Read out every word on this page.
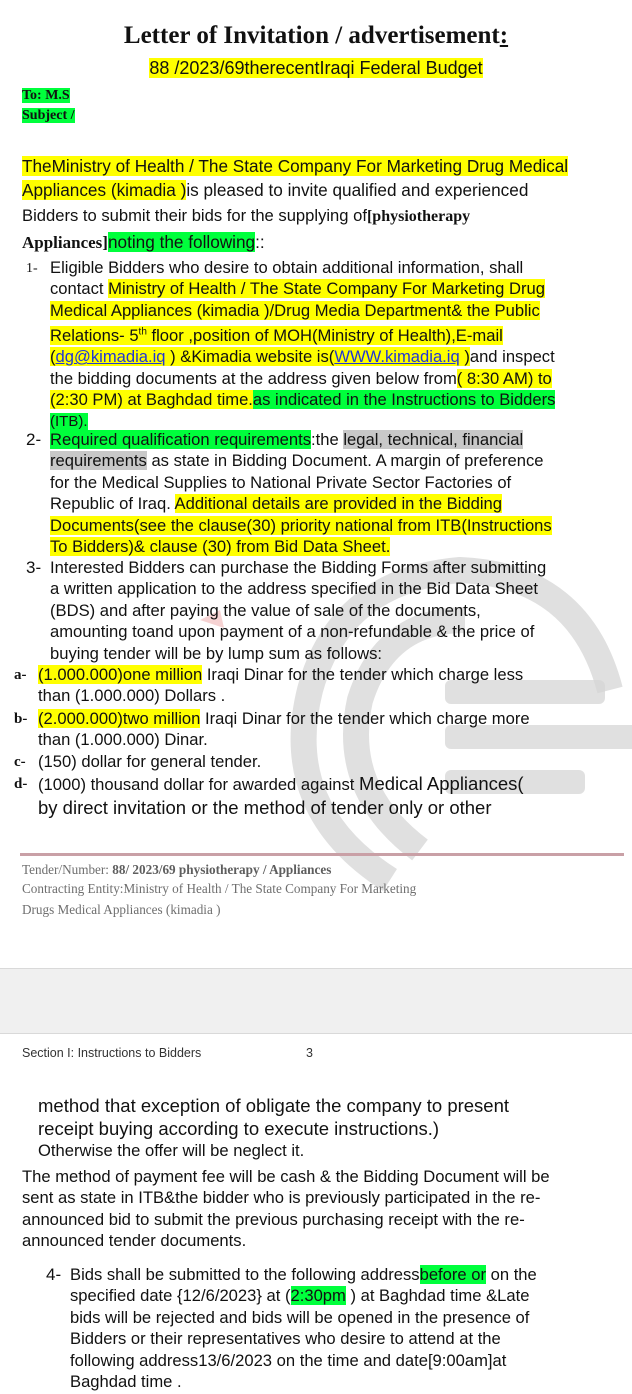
Letter of Invitation / advertisement:
88 /2023/69therecentIraqi Federal Budget
To: M.S
Subject /
TheMinistry of Health / The State Company For Marketing Drug Medical
Appliances (kimadia )is pleased to invite qualified and experienced
Bidders to submit their bids for the supplying of[physiotherapy
Appliances]noting the following::
1- Eligible Bidders who desire to obtain additional information, shall
contact Ministry of Health / The State Company For Marketing Drug
Medical Appliances (kimadia )/Drug Media Department& the Public
Relations- 5th floor ,position of MOH(Ministry of Health),E-mail
(dg@kimadia.iq ) &Kimadia website is(WWW.kimadia.iq )and inspect
the bidding documents at the address given below from( 8:30 AM) to
(2:30 PM) at Baghdad time.as indicated in the Instructions to Bidders
(ITB).
2- Required qualification requirements:the legal, technical, financial
requirements as state in Bidding Document. A margin of preference
for the Medical Supplies to National Private Sector Factories of
Republic of Iraq. Additional details are provided in the Bidding
Documents(see the clause(30) priority national from ITB(Instructions
To Bidders)& clause (30) from Bid Data Sheet.
3- Interested Bidders can purchase the Bidding Forms after submitting
a written application to the address specified in the Bid Data Sheet
(BDS) and after paying the value of sale of the documents,
amounting toand upon payment of a non-refundable & the price of
buying tender will be by lump sum as follows:
a- (1.000.000)one million Iraqi Dinar for the tender which charge less
than (1.000.000) Dollars .
b- (2.000.000)two million Iraqi Dinar for the tender which charge more
than (1.000.000) Dinar.
c- (150) dollar for general tender.
d- (1000) thousand dollar for awarded against Medical Appliances(
by direct invitation or the method of tender only or other
Tender/Number: 88/ 2023/69 physiotherapy / Appliances
Contracting Entity:Ministry of Health / The State Company For Marketing
Drugs Medical Appliances (kimadia )
Section I: Instructions to Bidders	3
method that exception of obligate the company to present
receipt buying according to execute instructions.)
Otherwise the offer will be neglect it.
The method of payment fee will be cash & the Bidding Document will be
sent as state in ITB&the bidder who is previously participated in the re-
announced bid to submit the previous purchasing receipt with the re-
announced tender documents.
4- Bids shall be submitted to the following addressbefore or on the
specified date {12/6/2023} at (2:30pm ) at Baghdad time &Late
bids will be rejected and bids will be opened in the presence of
Bidders or their representatives who desire to attend at the
following address13/6/2023 on the time and date[9:00am]at
Baghdad time .
